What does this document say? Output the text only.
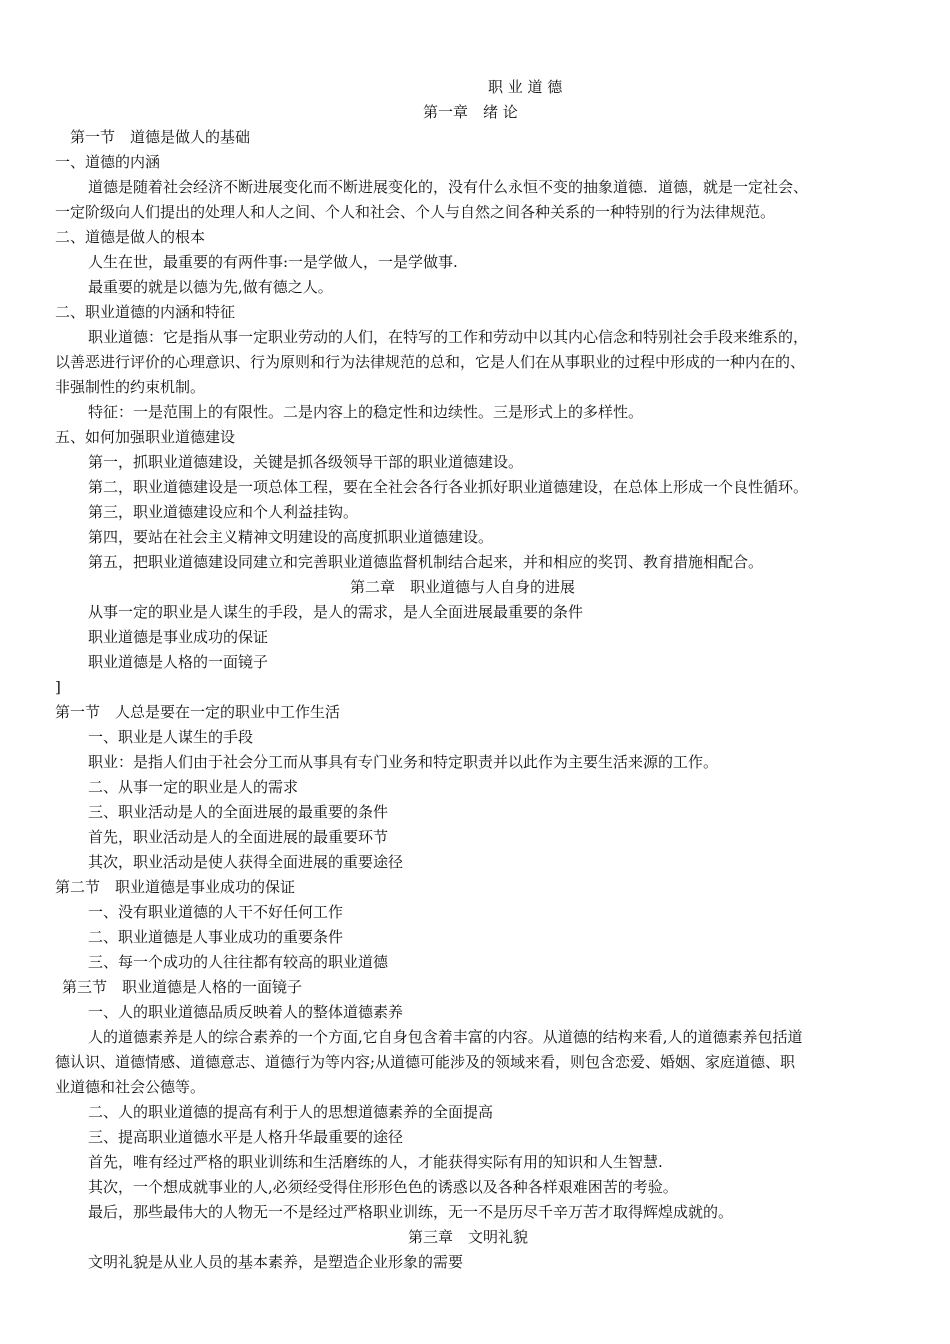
职 业 道 德
第一章　绪 论
第一节　道德是做人的基础
一、道德的内涵
道德是随着社会经济不断进展变化而不断进展变化的，没有什么永恒不变的抽象道德．道德，就是一定社会、
一定阶级向人们提出的处理人和人之间、个人和社会、个人与自然之间各种关系的一种特别的行为法律规范。
二、道德是做人的根本
人生在世，最重要的有两件事:一是学做人，一是学做事.
最重要的就是以德为先,做有德之人。
二、职业道德的内涵和特征
职业道德：它是指从事一定职业劳动的人们，在特写的工作和劳动中以其内心信念和特别社会手段来维系的，
以善恶进行评价的心理意识、行为原则和行为法律规范的总和，它是人们在从事职业的过程中形成的一种内在的、
非强制性的约束机制。
特征：一是范围上的有限性。二是内容上的稳定性和边续性。三是形式上的多样性。
五、如何加强职业道德建设
第一，抓职业道德建设，关键是抓各级领导干部的职业道德建设。
第二，职业道德建设是一项总体工程，要在全社会各行各业抓好职业道德建设，在总体上形成一个良性循环。
第三，职业道德建设应和个人利益挂钩。
第四，要站在社会主义精神文明建设的高度抓职业道德建设。
第五，把职业道德建设同建立和完善职业道德监督机制结合起来，并和相应的奖罚、教育措施相配合。
第二章　职业道德与人自身的进展
从事一定的职业是人谋生的手段，是人的需求，是人全面进展最重要的条件
职业道德是事业成功的保证
职业道德是人格的一面镜子
]
第一节　人总是要在一定的职业中工作生活
一、职业是人谋生的手段
职业：是指人们由于社会分工而从事具有专门业务和特定职责并以此作为主要生活来源的工作。
二、从事一定的职业是人的需求
三、职业活动是人的全面进展的最重要的条件
首先，职业活动是人的全面进展的最重要环节
其次，职业活动是使人获得全面进展的重要途径
第二节　职业道德是事业成功的保证
一、没有职业道德的人干不好任何工作
二、职业道德是人事业成功的重要条件
三、每一个成功的人往往都有较高的职业道德
第三节　职业道德是人格的一面镜子
一、人的职业道德品质反映着人的整体道德素养
人的道德素养是人的综合素养的一个方面,它自身包含着丰富的内容。从道德的结构来看,人的道德素养包括道
德认识、道德情感、道德意志、道德行为等内容;从道德可能涉及的领域来看，则包含恋爱、婚姻、家庭道德、职
业道德和社会公德等。
二、人的职业道德的提高有利于人的思想道德素养的全面提高
三、提高职业道德水平是人格升华最重要的途径
首先，唯有经过严格的职业训练和生活磨练的人，才能获得实际有用的知识和人生智慧.
其次，一个想成就事业的人,必须经受得住形形色色的诱惑以及各种各样艰难困苦的考验。
最后，那些最伟大的人物无一不是经过严格职业训练，无一不是历尽千辛万苦才取得辉煌成就的。
第三章　文明礼貌
文明礼貌是从业人员的基本素养，是塑造企业形象的需要
